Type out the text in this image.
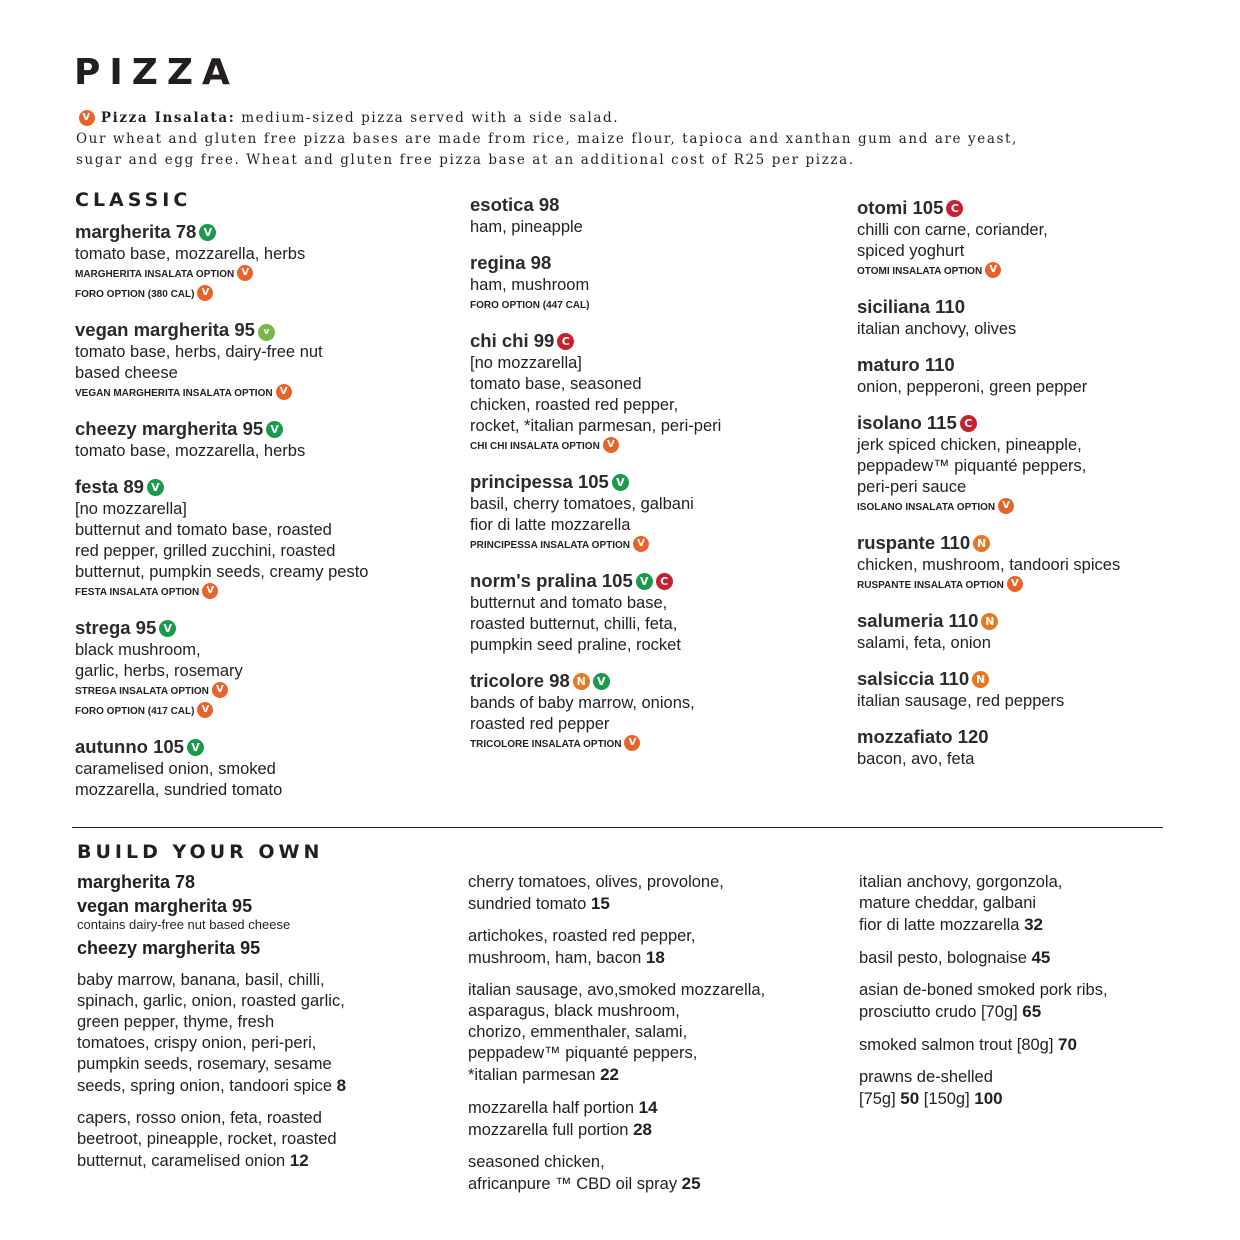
PIZZA
V Pizza Insalata: medium-sized pizza served with a side salad.
Our wheat and gluten free pizza bases are made from rice, maize flour, tapioca and xanthan gum and are yeast,
sugar and egg free. Wheat and gluten free pizza base at an additional cost of R25 per pizza.
CLASSIC
margherita 78 V
tomato base, mozzarella, herbs
MARGHERITA INSALATA OPTION V
FORO OPTION (380 CAL) V
vegan margherita 95 v
tomato base, herbs, dairy-free nut
based cheese
VEGAN MARGHERITA INSALATA OPTION V
cheezy margherita 95 V
tomato base, mozzarella, herbs
festa 89 V
[no mozzarella]
butternut and tomato base, roasted
red pepper, grilled zucchini, roasted
butternut, pumpkin seeds, creamy pesto
FESTA INSALATA OPTION V
strega 95 V
black mushroom,
garlic, herbs, rosemary
STREGA INSALATA OPTION V
FORO OPTION (417 CAL) V
autunno 105 V
caramelised onion, smoked
mozzarella, sundried tomato
esotica 98
ham, pineapple
regina 98
ham, mushroom
FORO OPTION (447 CAL)
chi chi 99 C
[no mozzarella]
tomato base, seasoned
chicken, roasted red pepper,
rocket, *italian parmesan, peri-peri
CHI CHI INSALATA OPTION V
principessa 105 V
basil, cherry tomatoes, galbani
fior di latte mozzarella
PRINCIPESSA INSALATA OPTION V
norm's pralina 105 V C
butternut and tomato base,
roasted butternut, chilli, feta,
pumpkin seed praline, rocket
tricolore 98 N V
bands of baby marrow, onions,
roasted red pepper
TRICOLORE INSALATA OPTION V
otomi 105 C
chilli con carne, coriander,
spiced yoghurt
OTOMI INSALATA OPTION V
siciliana 110
italian anchovy, olives
maturo 110
onion, pepperoni, green pepper
isolano 115 C
jerk spiced chicken, pineapple,
peppadew™ piquanté peppers,
peri-peri sauce
ISOLANO INSALATA OPTION V
ruspante 110 N
chicken, mushroom, tandoori spices
RUSPANTE INSALATA OPTION V
salumeria 110 N
salami, feta, onion
salsiccia 110 N
italian sausage, red peppers
mozzafiato 120
bacon, avo, feta
BUILD YOUR OWN
margherita 78
vegan margherita 95
contains dairy-free nut based cheese
cheezy margherita 95
baby marrow, banana, basil, chilli,
spinach, garlic, onion, roasted garlic,
green pepper, thyme, fresh
tomatoes, crispy onion, peri-peri,
pumpkin seeds, rosemary, sesame
seeds, spring onion, tandoori spice 8
capers, rosso onion, feta, roasted
beetroot, pineapple, rocket, roasted
butternut, caramelised onion 12
cherry tomatoes, olives, provolone,
sundried tomato 15
artichokes, roasted red pepper,
mushroom, ham, bacon 18
italian sausage, avo,smoked mozzarella,
asparagus, black mushroom,
chorizo, emmenthaler, salami,
peppadew™ piquanté peppers,
*italian parmesan 22
mozzarella half portion 14
mozzarella full portion 28
seasoned chicken,
africanpure ™ CBD oil spray 25
italian anchovy, gorgonzola,
mature cheddar, galbani
fior di latte mozzarella 32
basil pesto, bolognaise 45
asian de-boned smoked pork ribs,
prosciutto crudo [70g] 65
smoked salmon trout [80g] 70
prawns de-shelled
[75g] 50 [150g] 100
